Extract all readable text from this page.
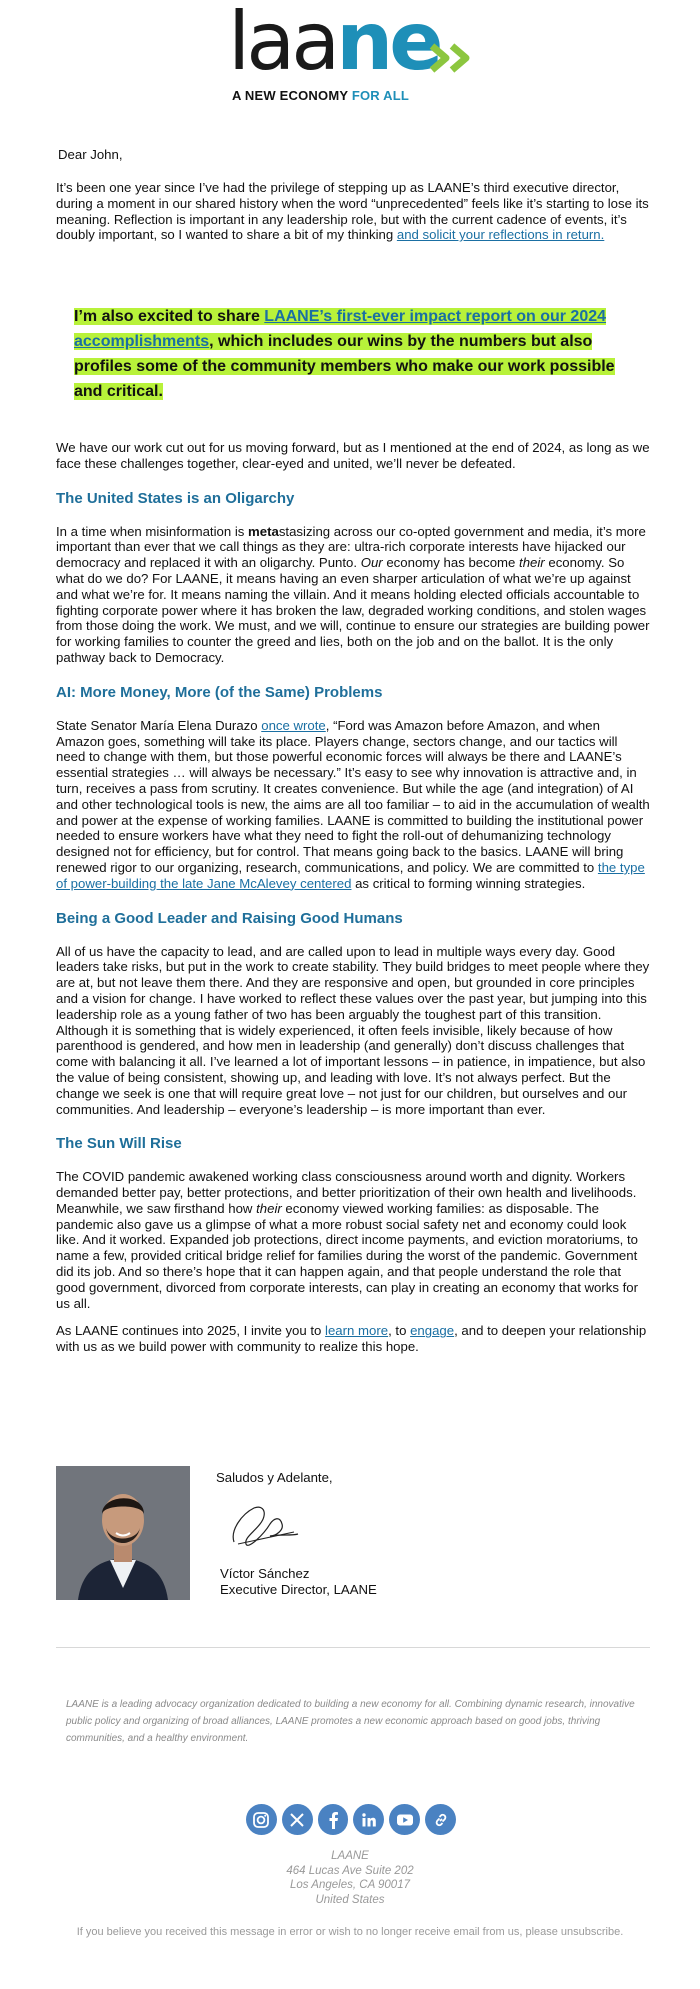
laane
A NEW ECONOMY FOR ALL

Dear John,

It’s been one year since I’ve had the privilege of stepping up as LAANE’s third executive director, during a moment in our shared history when the word “unprecedented” feels like it’s starting to lose its meaning. Reflection is important in any leadership role, but with the current cadence of events, it’s doubly important, so I wanted to share a bit of my thinking and solicit your reflections in return.

I’m also excited to share LAANE’s first-ever impact report on our 2024 accomplishments, which includes our wins by the numbers but also profiles some of the community members who make our work possible and critical.

We have our work cut out for us moving forward, but as I mentioned at the end of 2024, as long as we face these challenges together, clear-eyed and united, we’ll never be defeated.

The United States is an Oligarchy

In a time when misinformation is metastasizing across our co-opted government and media, it’s more important than ever that we call things as they are: ultra-rich corporate interests have hijacked our democracy and replaced it with an oligarchy. Punto. Our economy has become their economy. So what do we do? For LAANE, it means having an even sharper articulation of what we’re up against and what we’re for. It means naming the villain. And it means holding elected officials accountable to fighting corporate power where it has broken the law, degraded working conditions, and stolen wages from those doing the work. We must, and we will, continue to ensure our strategies are building power for working families to counter the greed and lies, both on the job and on the ballot. It is the only pathway back to Democracy.

AI: More Money, More (of the Same) Problems

State Senator María Elena Durazo once wrote, “Ford was Amazon before Amazon, and when Amazon goes, something will take its place. Players change, sectors change, and our tactics will need to change with them, but those powerful economic forces will always be there and LAANE’s essential strategies … will always be necessary.” It’s easy to see why innovation is attractive and, in turn, receives a pass from scrutiny. It creates convenience. But while the age (and integration) of AI and other technological tools is new, the aims are all too familiar – to aid in the accumulation of wealth and power at the expense of working families. LAANE is committed to building the institutional power needed to ensure workers have what they need to fight the roll-out of dehumanizing technology designed not for efficiency, but for control. That means going back to the basics. LAANE will bring renewed rigor to our organizing, research, communications, and policy. We are committed to the type of power-building the late Jane McAlevey centered as critical to forming winning strategies.

Being a Good Leader and Raising Good Humans

All of us have the capacity to lead, and are called upon to lead in multiple ways every day. Good leaders take risks, but put in the work to create stability. They build bridges to meet people where they are at, but not leave them there. And they are responsive and open, but grounded in core principles and a vision for change. I have worked to reflect these values over the past year, but jumping into this leadership role as a young father of two has been arguably the toughest part of this transition. Although it is something that is widely experienced, it often feels invisible, likely because of how parenthood is gendered, and how men in leadership (and generally) don’t discuss challenges that come with balancing it all. I’ve learned a lot of important lessons – in patience, in impatience, but also the value of being consistent, showing up, and leading with love. It’s not always perfect. But the change we seek is one that will require great love – not just for our children, but ourselves and our communities. And leadership – everyone’s leadership – is more important than ever.

The Sun Will Rise

The COVID pandemic awakened working class consciousness around worth and dignity. Workers demanded better pay, better protections, and better prioritization of their own health and livelihoods. Meanwhile, we saw firsthand how their economy viewed working families: as disposable. The pandemic also gave us a glimpse of what a more robust social safety net and economy could look like. And it worked. Expanded job protections, direct income payments, and eviction moratoriums, to name a few, provided critical bridge relief for families during the worst of the pandemic. Government did its job. And so there’s hope that it can happen again, and that people understand the role that good government, divorced from corporate interests, can play in creating an economy that works for us all.

As LAANE continues into 2025, I invite you to learn more, to engage, and to deepen your relationship with us as we build power with community to realize this hope.

Saludos y Adelante,
Víctor Sánchez
Executive Director, LAANE
LAANE is a leading advocacy organization dedicated to building a new economy for all. Combining dynamic research, innovative public policy and organizing of broad alliances, LAANE promotes a new economic approach based on good jobs, thriving communities, and a healthy environment.
LAANE
464 Lucas Ave Suite 202
Los Angeles, CA 90017
United States
If you believe you received this message in error or wish to no longer receive email from us, please unsubscribe.
